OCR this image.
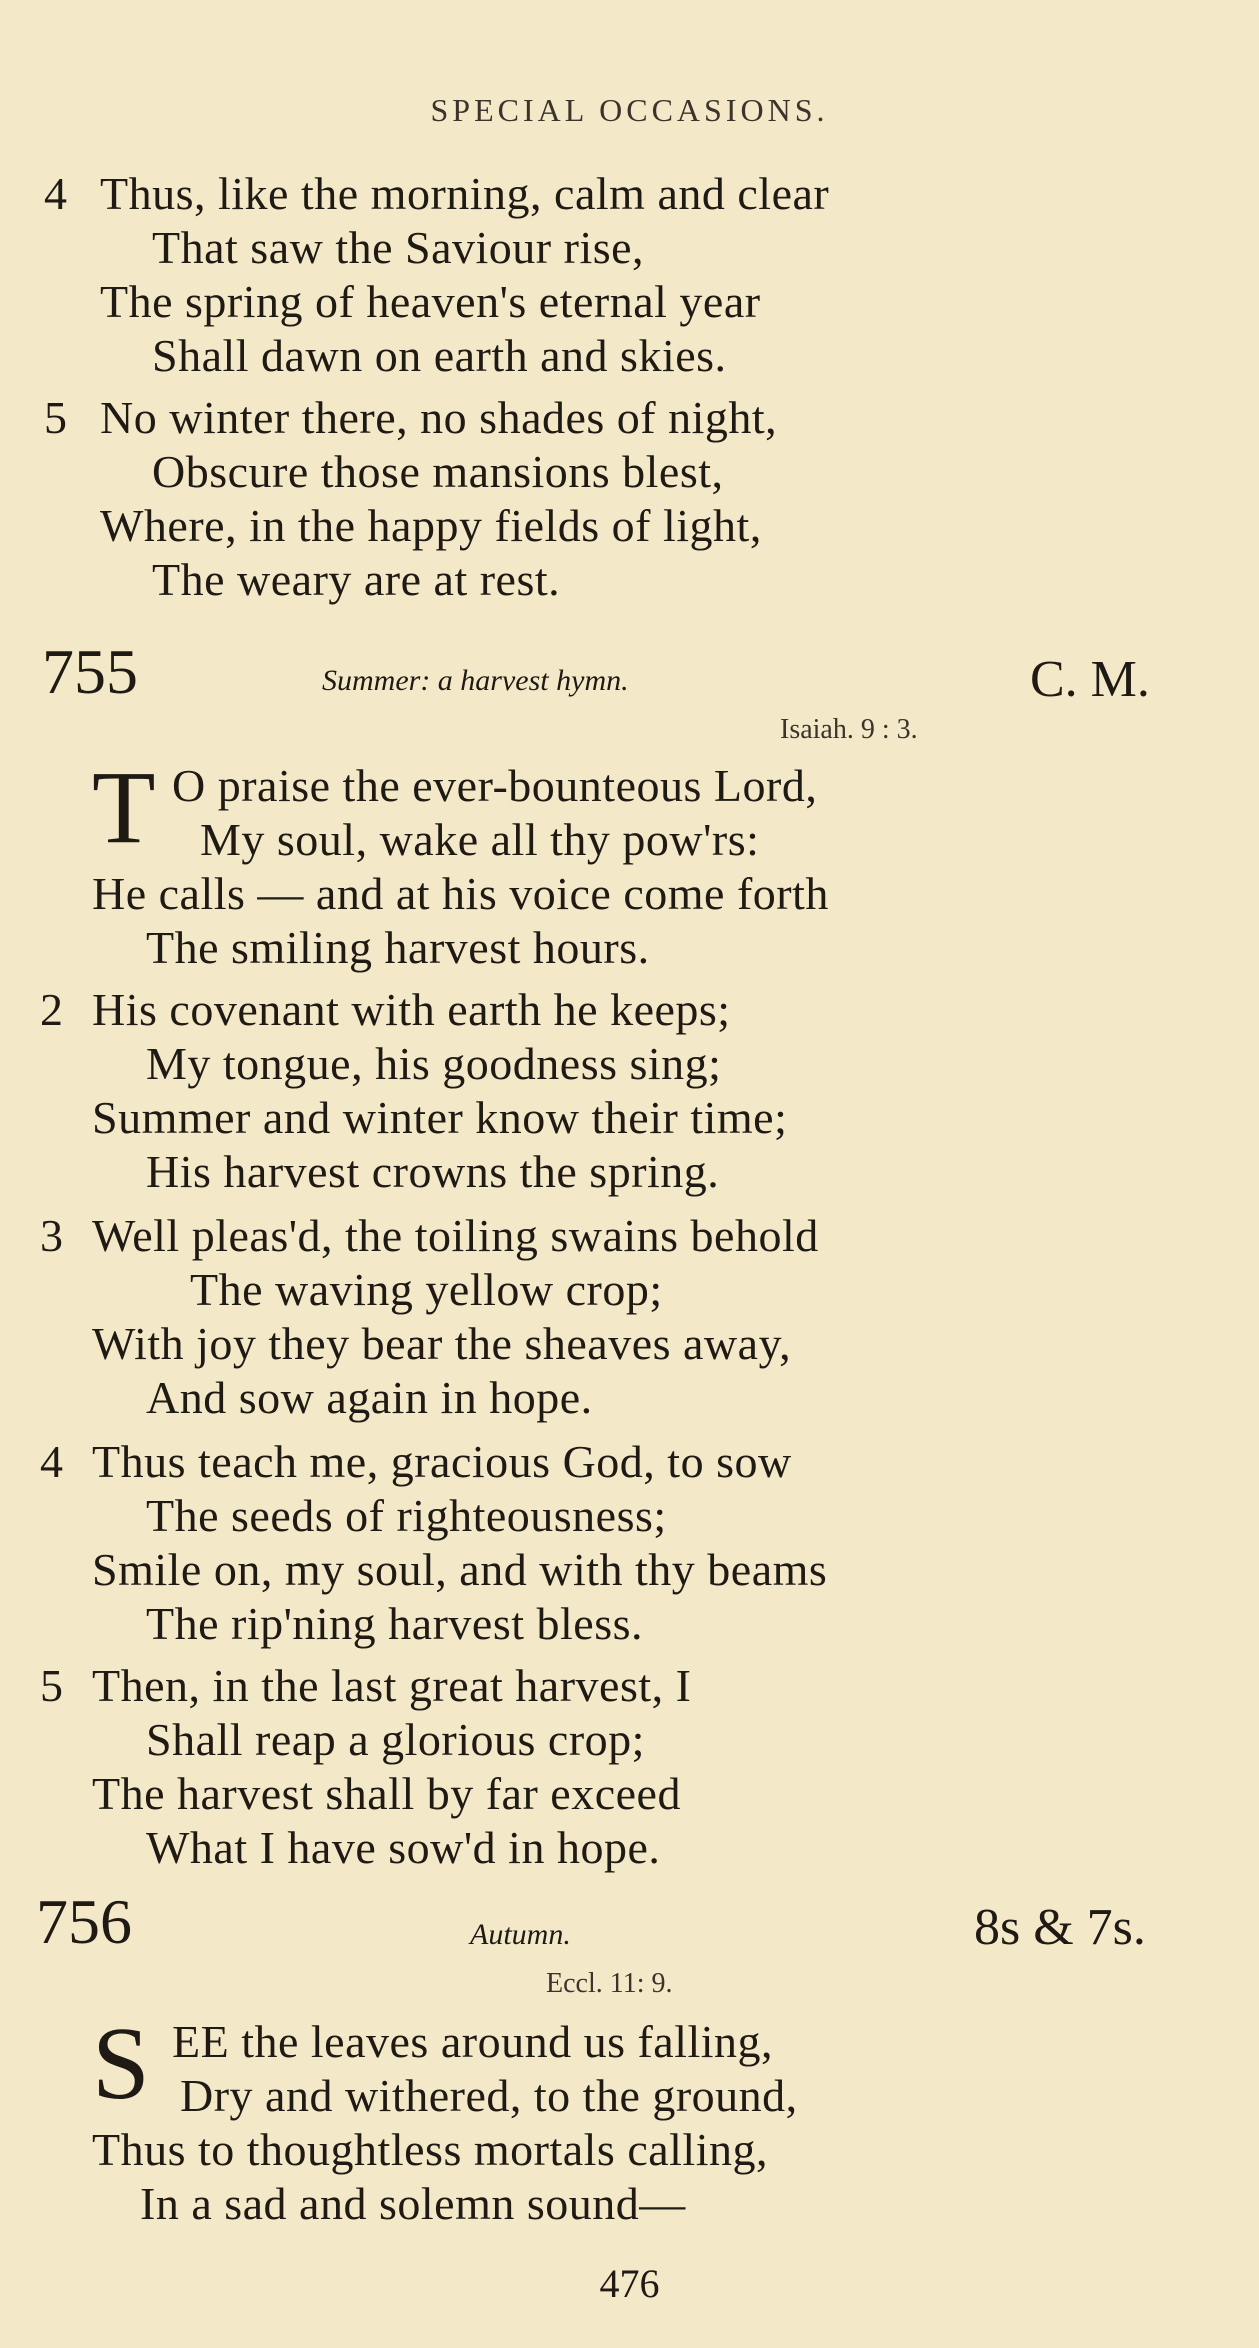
SPECIAL OCCASIONS.
4 Thus, like the morning, calm and clear
That saw the Saviour rise,
The spring of heaven's eternal year
Shall dawn on earth and skies.
5 No winter there, no shades of night,
Obscure those mansions blest,
Where, in the happy fields of light,
The weary are at rest.
755	Summer: a harvest hymn.	C. M.
Isaiah. 9 : 3.
T O praise the ever-bounteous Lord,
My soul, wake all thy pow'rs:
He calls — and at his voice come forth
The smiling harvest hours.
2 His covenant with earth he keeps;
My tongue, his goodness sing;
Summer and winter know their time;
His harvest crowns the spring.
3 Well pleas'd, the toiling swains behold
The waving yellow crop;
With joy they bear the sheaves away,
And sow again in hope.
4 Thus teach me, gracious God, to sow
The seeds of righteousness;
Smile on, my soul, and with thy beams
The rip'ning harvest bless.
5 Then, in the last great harvest, I
Shall reap a glorious crop;
The harvest shall by far exceed
What I have sow'd in hope.
756	Autumn.	8s & 7s.
Eccl. 11: 9.
S EE the leaves around us falling,
Dry and withered, to the ground,
Thus to thoughtless mortals calling,
In a sad and solemn sound—
476
